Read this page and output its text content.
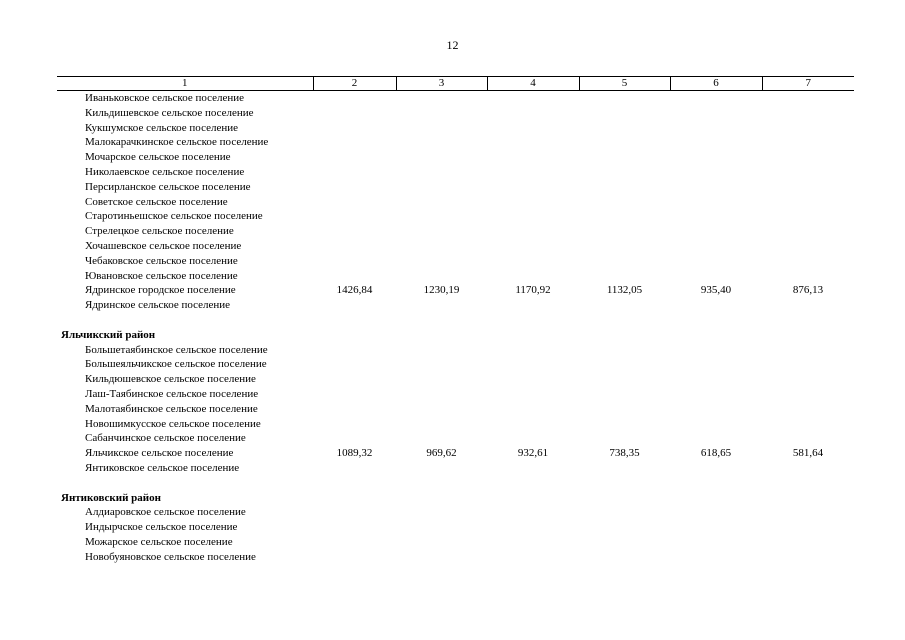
12
1	2	3	4	5	6	7
Иваньковское сельское поселение						
Кильдишевское сельское поселение						
Кукшумское сельское поселение						
Малокарачкинское сельское поселение						
Мочарское сельское поселение						
Николаевское сельское поселение						
Персирланское сельское поселение						
Советское сельское поселение						
Старотиньешское сельское поселение						
Стрелецкое сельское поселение						
Хочашевское сельское поселение						
Чебаковское сельское поселение						
Ювановское сельское поселение						
Ядринское городское поселение	1426,84	1230,19	1170,92	1132,05	935,40	876,13
Ядринское сельское поселение						

Яльчикский район						
Большетаябинское сельское поселение						
Большеяльчикское сельское поселение						
Кильдюшевское сельское поселение						
Лаш-Таябинское сельское поселение						
Малотаябинское сельское поселение						
Новошимкусское сельское поселение						
Сабанчинское сельское поселение						
Яльчикское сельское поселение	1089,32	969,62	932,61	738,35	618,65	581,64
Янтиковское сельское поселение						

Янтиковский район						
Алдиаровское сельское поселение						
Индырчское сельское поселение						
Можарское сельское поселение						
Новобуяновское сельское поселение						
